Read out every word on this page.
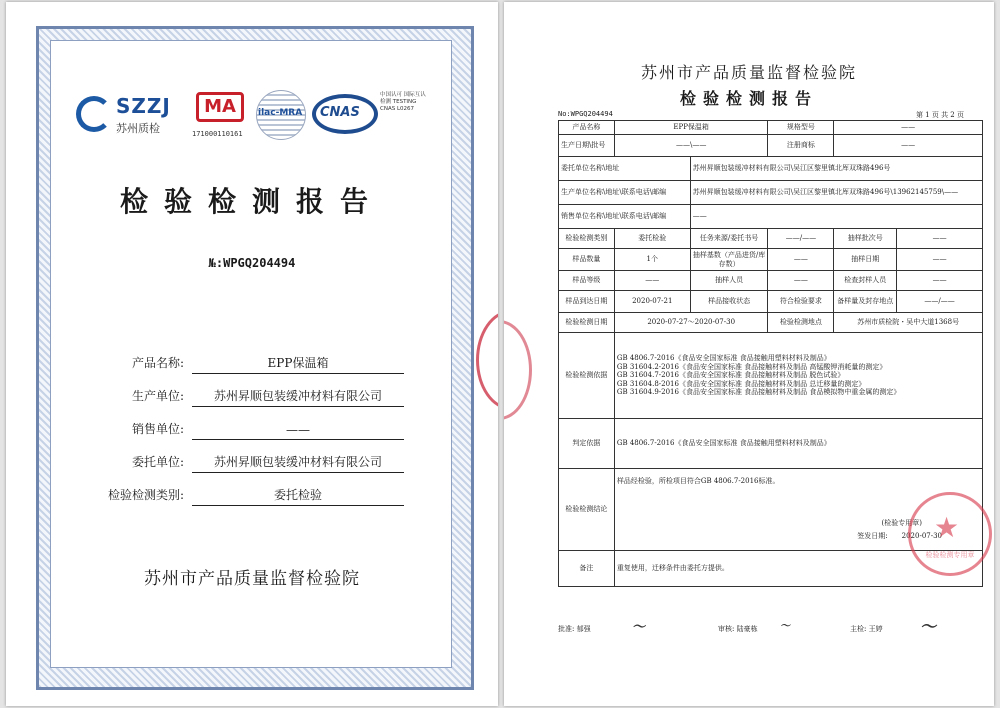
SZZJ
苏州质检
MA
171000110161
ilac-MRA CNAS
中国认可 国际互认 检测 TESTING CNAS L0267
检验检测报告
№:WPGQ204494
产品名称:	EPP保温箱
生产单位:	苏州昇顺包装缓冲材料有限公司
销售单位:	——
委托单位:	苏州昇顺包装缓冲材料有限公司
检验检测类别:	委托检验
苏州市产品质量监督检验院
苏州市产品质量监督检验院
检验检测报告
No:WPGQ204494	第 1 页 共 2 页
产品名称	EPP保温箱		规格型号	——	
生产日期\批号	——\——		注册商标	——	
委托单位名称\地址		苏州昇顺包装缓冲材料有限公司\吴江区黎里镇北厍双珠路496号			
生产单位名称\地址\联系电话\邮编		苏州昇顺包装缓冲材料有限公司\吴江区黎里镇北厍双珠路496号\13962145759\——			
销售单位名称\地址\联系电话\邮编		——			
检验检测类别	委托检验	任务来源/委托书号	——/——	抽样批次号	——
样品数量	1个	抽样基数（产品进货/库存数）	——	抽样日期	——
样品等级	——	抽样人员	——	检查封样人员	——
样品到达日期	2020-07-21	样品接收状态	符合检验要求	备样量及封存地点	——/——
检验检测日期	2020-07-27～2020-07-30		检验检测地点	苏州市质检院・吴中大道1368号	
检验检测依据	GB 4806.7-2016《食品安全国家标准 食品接触用塑料材料及制品》
GB 31604.2-2016《食品安全国家标准 食品接触材料及制品 高锰酸钾消耗量的测定》
GB 31604.7-2016《食品安全国家标准 食品接触材料及制品 脱色试验》
GB 31604.8-2016《食品安全国家标准 食品接触材料及制品 总迁移量的测定》
GB 31604.9-2016《食品安全国家标准 食品接触材料及制品 食品模拟物中重金属的测定》				

判定依据	GB 4806.7-2016《食品安全国家标准 食品接触用塑料材料及制品》				
检验检测结论	样品经检验，所检项目符合GB 4806.7-2016标准。
(检验专用章)
签发日期:　　2020-07-30				

备注	重复使用，迁移条件由委托方提供。				
★
检验检测专用章
批准: 郁强	〜	审核: 陆豪栋 〜	主检: 王婷 〜
